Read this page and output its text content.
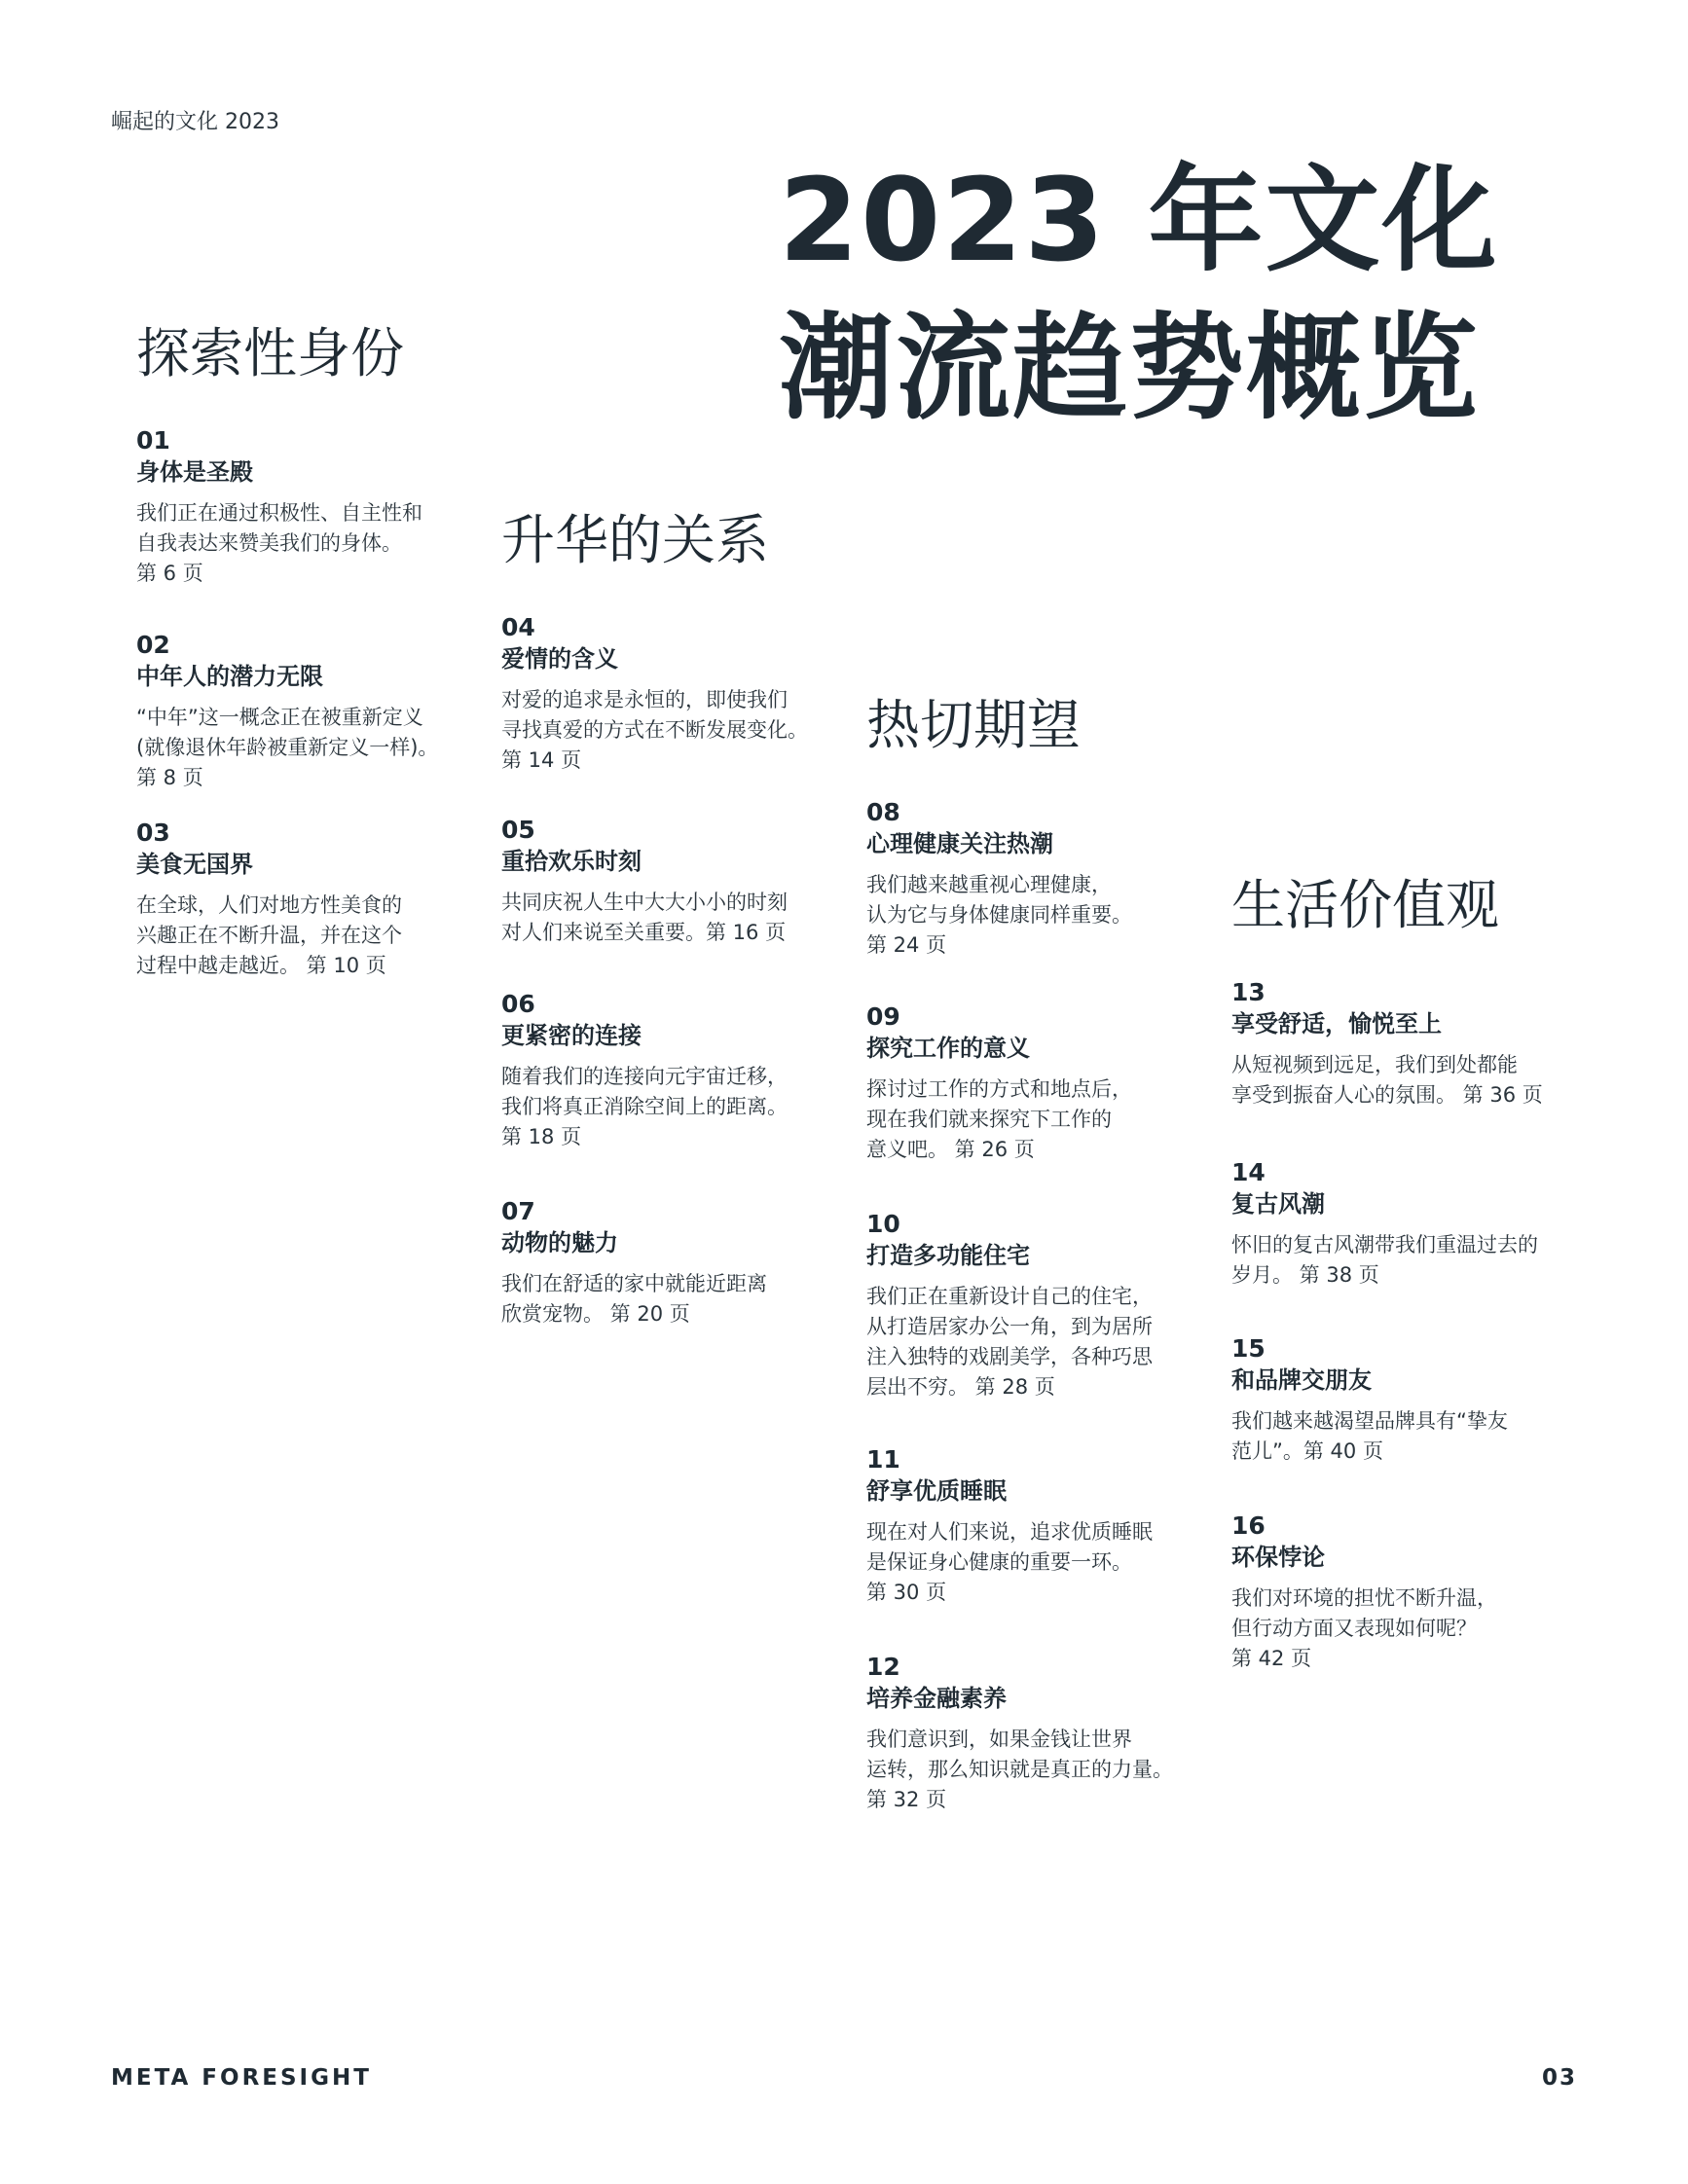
崛起的文化 2023
2023 年文化
潮流趋势概览
探索性身份
01
身体是圣殿
我们正在通过积极性、自主性和
自我表达来赞美我们的身体。
第 6 页
02
中年人的潜力无限
“中年”这一概念正在被重新定义
(就像退休年龄被重新定义一样)。
第 8 页
03
美食无国界
在全球，人们对地方性美食的
兴趣正在不断升温，并在这个
过程中越走越近。 第 10 页
升华的关系
04
爱情的含义
对爱的追求是永恒的，即使我们
寻找真爱的方式在不断发展变化。
第 14 页
05
重拾欢乐时刻
共同庆祝人生中大大小小的时刻
对人们来说至关重要。第 16 页
06
更紧密的连接
随着我们的连接向元宇宙迁移，
我们将真正消除空间上的距离。
第 18 页
07
动物的魅力
我们在舒适的家中就能近距离
欣赏宠物。 第 20 页
热切期望
08
心理健康关注热潮
我们越来越重视心理健康，
认为它与身体健康同样重要。
第 24 页
09
探究工作的意义
探讨过工作的方式和地点后，
现在我们就来探究下工作的
意义吧。 第 26 页
10
打造多功能住宅
我们正在重新设计自己的住宅，
从打造居家办公一角，到为居所
注入独特的戏剧美学，各种巧思
层出不穷。 第 28 页
11
舒享优质睡眠
现在对人们来说，追求优质睡眠
是保证身心健康的重要一环。
第 30 页
12
培养金融素养
我们意识到，如果金钱让世界
运转，那么知识就是真正的力量。
第 32 页
生活价值观
13
享受舒适，愉悦至上
从短视频到远足，我们到处都能
享受到振奋人心的氛围。 第 36 页
14
复古风潮
怀旧的复古风潮带我们重温过去的
岁月。 第 38 页
15
和品牌交朋友
我们越来越渴望品牌具有“挚友
范儿”。第 40 页
16
环保悖论
我们对环境的担忧不断升温，
但行动方面又表现如何呢？
第 42 页
META FORESIGHT	03
